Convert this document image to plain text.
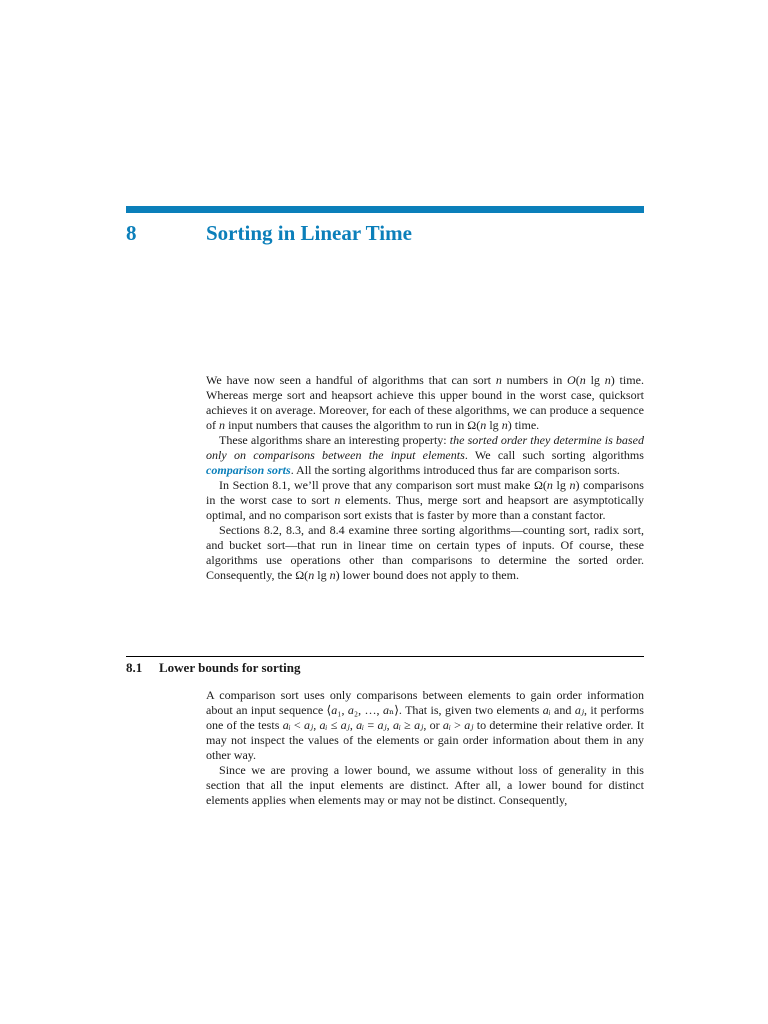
8	Sorting in Linear Time

We have now seen a handful of algorithms that can sort n numbers in O(n lg n) time. Whereas merge sort and heapsort achieve this upper bound in the worst case, quicksort achieves it on average. Moreover, for each of these algorithms, we can produce a sequence of n input numbers that causes the algorithm to run in Ω(n lg n) time.

These algorithms share an interesting property: the sorted order they determine is based only on comparisons between the input elements. We call such sorting algorithms comparison sorts. All the sorting algorithms introduced thus far are comparison sorts.

In Section 8.1, we’ll prove that any comparison sort must make Ω(n lg n) comparisons in the worst case to sort n elements. Thus, merge sort and heapsort are asymptotically optimal, and no comparison sort exists that is faster by more than a constant factor.

Sections 8.2, 8.3, and 8.4 examine three sorting algorithms—counting sort, radix sort, and bucket sort—that run in linear time on certain types of inputs. Of course, these algorithms use operations other than comparisons to determine the sorted order. Consequently, the Ω(n lg n) lower bound does not apply to them.

8.1 Lower bounds for sorting

A comparison sort uses only comparisons between elements to gain order information about an input sequence ⟨a₁, a₂, …, aₙ⟩. That is, given two elements aᵢ and aⱼ, it performs one of the tests aᵢ < aⱼ, aᵢ ≤ aⱼ, aᵢ = aⱼ, aᵢ ≥ aⱼ, or aᵢ > aⱼ to determine their relative order. It may not inspect the values of the elements or gain order information about them in any other way.

Since we are proving a lower bound, we assume without loss of generality in this section that all the input elements are distinct. After all, a lower bound for distinct elements applies when elements may or may not be distinct. Consequently,
